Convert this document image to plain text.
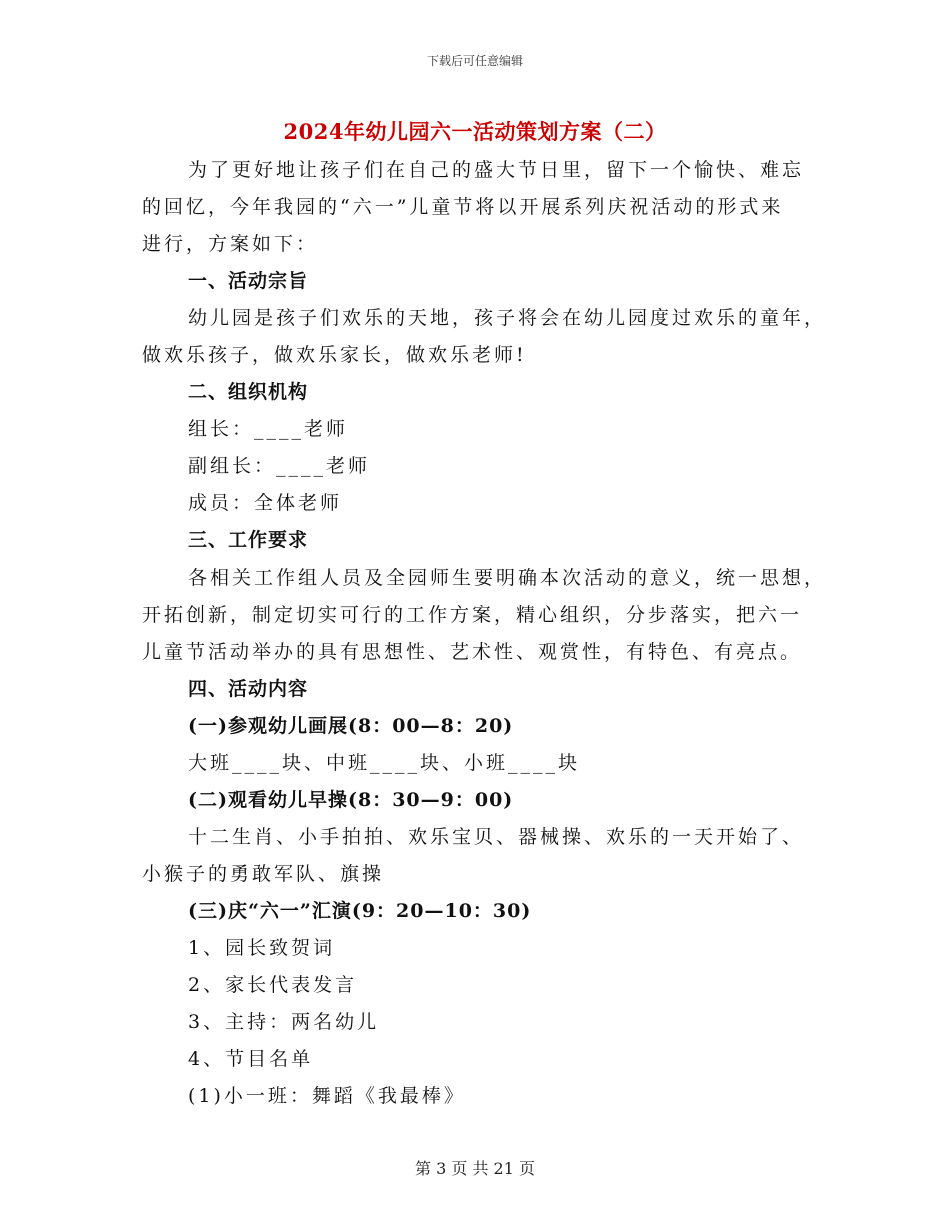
下载后可任意编辑
2024年幼儿园六一活动策划方案（二）
为了更好地让孩子们在自己的盛大节日里，留下一个愉快、难忘
的回忆，今年我园的“六一”儿童节将以开展系列庆祝活动的形式来
进行，方案如下：
一、活动宗旨
幼儿园是孩子们欢乐的天地，孩子将会在幼儿园度过欢乐的童年，
做欢乐孩子，做欢乐家长，做欢乐老师!
二、组织机构
组长：____老师
副组长：____老师
成员：全体老师
三、工作要求
各相关工作组人员及全园师生要明确本次活动的意义，统一思想，
开拓创新，制定切实可行的工作方案，精心组织，分步落实，把六一
儿童节活动举办的具有思想性、艺术性、观赏性，有特色、有亮点。
四、活动内容
(一)参观幼儿画展(8：00—8：20)
大班____块、中班____块、小班____块
(二)观看幼儿早操(8：30—9：00)
十二生肖、小手拍拍、欢乐宝贝、器械操、欢乐的一天开始了、
小猴子的勇敢军队、旗操
(三)庆“六一”汇演(9：20—10：30)
1、园长致贺词
2、家长代表发言
3、主持：两名幼儿
4、节目名单
(1)小一班：舞蹈《我最棒》
第 3 页 共 21 页
